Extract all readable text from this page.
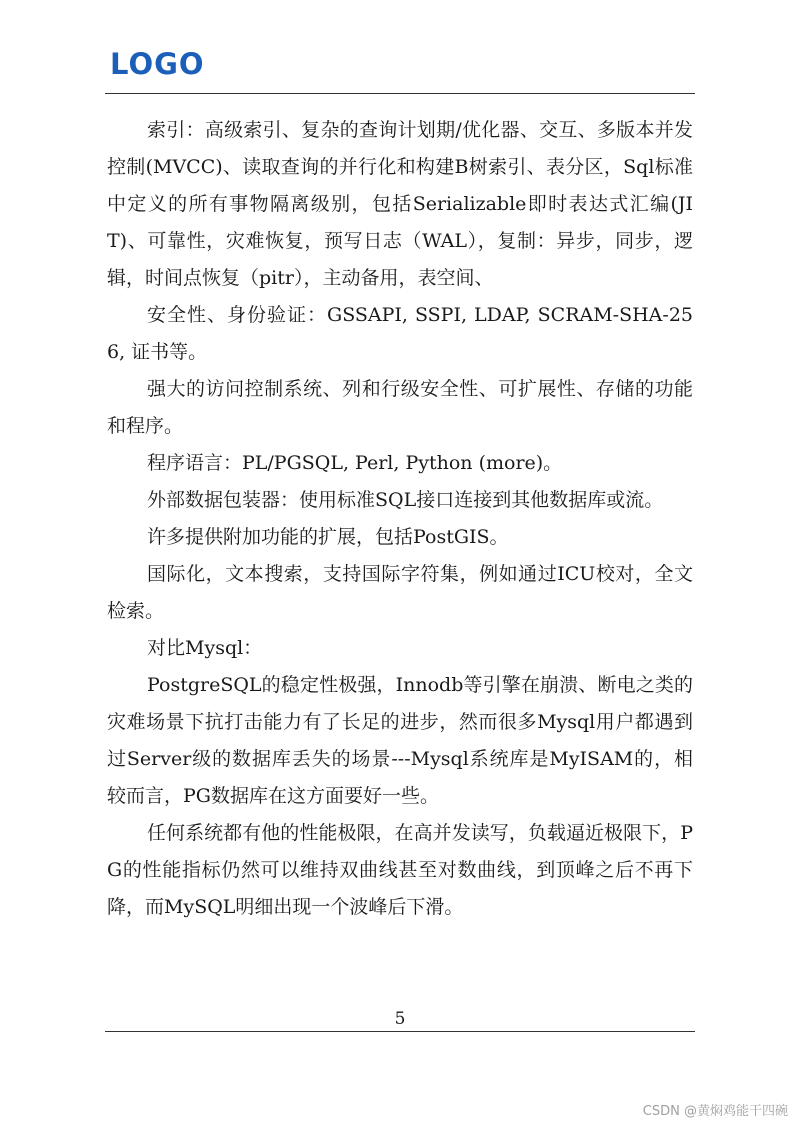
LOGO

索引：高级索引、复杂的查询计划期/优化器、交互、多版本并发控制(MVCC)、读取查询的并行化和构建B树索引、表分区，Sql标准中定义的所有事物隔离级别，包括Serializable即时表达式汇编(JIT)、可靠性，灾难恢复，预写日志（WAL），复制：异步，同步，逻辑，时间点恢复（pitr），主动备用，表空间、

安全性、身份验证：GSSAPI, SSPI, LDAP, SCRAM-SHA-256, 证书等。

强大的访问控制系统、列和行级安全性、可扩展性、存储的功能和程序。

程序语言：PL/PGSQL, Perl, Python (more)。

外部数据包装器：使用标准SQL接口连接到其他数据库或流。

许多提供附加功能的扩展，包括PostGIS。

国际化，文本搜索，支持国际字符集，例如通过ICU校对，全文检索。

对比Mysql：

PostgreSQL的稳定性极强，Innodb等引擎在崩溃、断电之类的灾难场景下抗打击能力有了长足的进步，然而很多Mysql用户都遇到过Server级的数据库丢失的场景---Mysql系统库是MyISAM的，相较而言，PG数据库在这方面要好一些。

任何系统都有他的性能极限，在高并发读写，负载逼近极限下，PG的性能指标仍然可以维持双曲线甚至对数曲线，到顶峰之后不再下降，而MySQL明细出现一个波峰后下滑。

5
CSDN @黄焖鸡能干四碗
